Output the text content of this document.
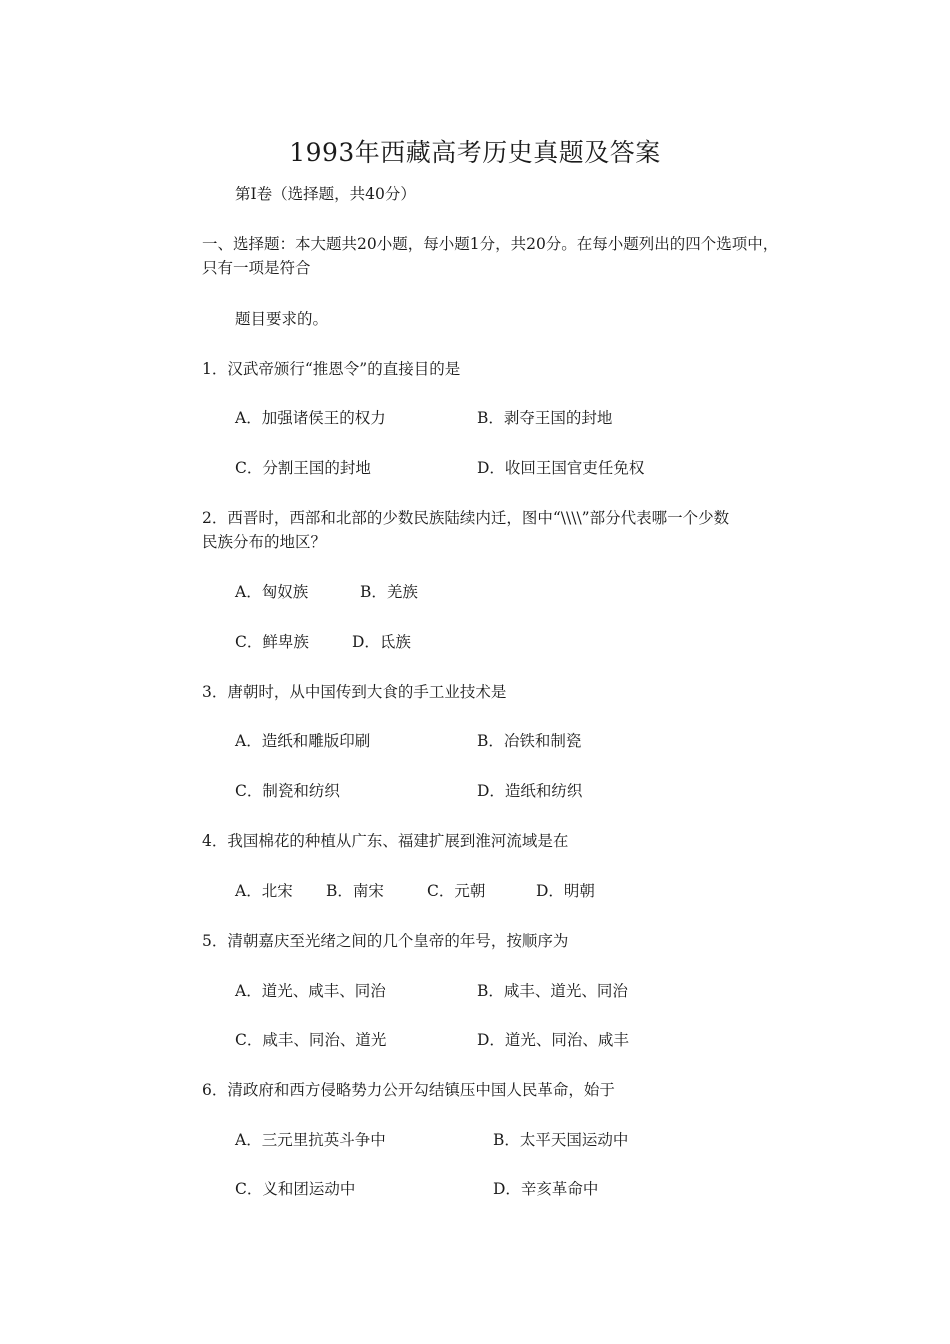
1993年西藏高考历史真题及答案
第Ⅰ卷（选择题，共40分）
一、选择题：本大题共20小题，每小题1分，共20分。在每小题列出的四个选项中，
只有一项是符合
题目要求的。
1．汉武帝颁行“推恩令”的直接目的是
A．加强诸侯王的权力	B．剥夺王国的封地
C．分割王国的封地	D．收回王国官吏任免权
2．西晋时，西部和北部的少数民族陆续内迁，图中“\\\\”部分代表哪一个少数
民族分布的地区？
A．匈奴族	B．羌族
C．鲜卑族	D．氐族
3．唐朝时，从中国传到大食的手工业技术是
A．造纸和雕版印刷	B．冶铁和制瓷
C．制瓷和纺织	D．造纸和纺织
4．我国棉花的种植从广东、福建扩展到淮河流域是在
A．北宋 B．南宋	C．元朝	D．明朝
5．清朝嘉庆至光绪之间的几个皇帝的年号，按顺序为
A．道光、咸丰、同治	B．咸丰、道光、同治
C．咸丰、同治、道光	D．道光、同治、咸丰
6．清政府和西方侵略势力公开勾结镇压中国人民革命，始于
A．三元里抗英斗争中	B．太平天国运动中
C．义和团运动中	D．辛亥革命中
